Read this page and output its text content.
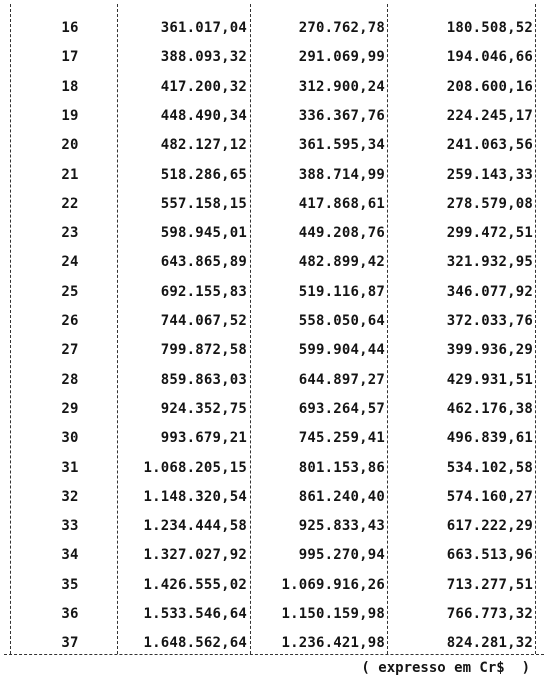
16	361.017,04	270.762,78	180.508,52
17	388.093,32	291.069,99	194.046,66
18	417.200,32	312.900,24	208.600,16
19	448.490,34	336.367,76	224.245,17
20	482.127,12	361.595,34	241.063,56
21	518.286,65	388.714,99	259.143,33
22	557.158,15	417.868,61	278.579,08
23	598.945,01	449.208,76	299.472,51
24	643.865,89	482.899,42	321.932,95
25	692.155,83	519.116,87	346.077,92
26	744.067,52	558.050,64	372.033,76
27	799.872,58	599.904,44	399.936,29
28	859.863,03	644.897,27	429.931,51
29	924.352,75	693.264,57	462.176,38
30	993.679,21	745.259,41	496.839,61
31	1.068.205,15	801.153,86	534.102,58
32	1.148.320,54	861.240,40	574.160,27
33	1.234.444,58	925.833,43	617.222,29
34	1.327.027,92	995.270,94	663.513,96
35	1.426.555,02 1.069.916,26	713.277,51
36	1.533.546,64 1.150.159,98	766.773,32
37	1.648.562,64 1.236.421,98	824.281,32
( expresso em Cr$  )
